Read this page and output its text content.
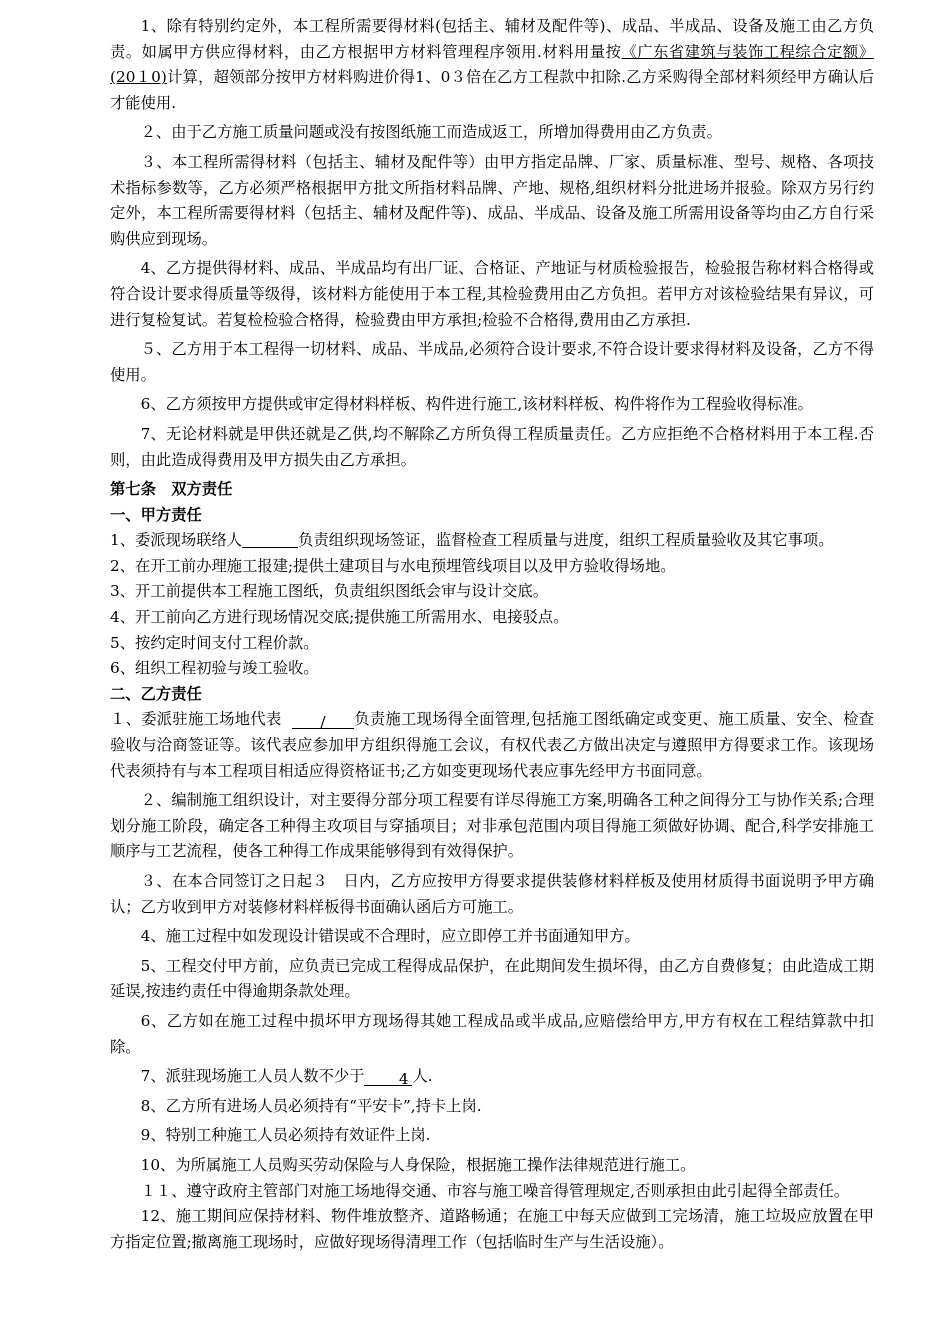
1、除有特别约定外，本工程所需要得材料(包括主、辅材及配件等)、成品、半成品、设备及施工由乙方负责。如属甲方供应得材料，由乙方根据甲方材料管理程序领用.材料用量按《广东省建筑与装饰工程综合定额》(20１0)计算，超领部分按甲方材料购进价得1、0３倍在乙方工程款中扣除.乙方采购得全部材料须经甲方确认后才能使用.

２、由于乙方施工质量问题或没有按图纸施工而造成返工，所增加得费用由乙方负责。

３、本工程所需得材料（包括主、辅材及配件等）由甲方指定品牌、厂家、质量标准、型号、规格、各项技术指标参数等，乙方必须严格根据甲方批文所指材料品牌、产地、规格,组织材料分批进场并报验。除双方另行约定外，本工程所需要得材料（包括主、辅材及配件等)、成品、半成品、设备及施工所需用设备等均由乙方自行采购供应到现场。

4、乙方提供得材料、成品、半成品均有出厂证、合格证、产地证与材质检验报告，检验报告称材料合格得或符合设计要求得质量等级得，该材料方能使用于本工程,其检验费用由乙方负担。若甲方对该检验结果有异议，可进行复检复试。若复检检验合格得，检验费由甲方承担;检验不合格得,费用由乙方承担.

５、乙方用于本工程得一切材料、成品、半成品,必须符合设计要求,不符合设计要求得材料及设备，乙方不得使用。

6、乙方须按甲方提供或审定得材料样板、构件进行施工,该材料样板、构件将作为工程验收得标准。

7、无论材料就是甲供还就是乙供,均不解除乙方所负得工程质量责任。乙方应拒绝不合格材料用于本工程.否则，由此造成得费用及甲方损失由乙方承担。

第七条　双方责任

一、甲方责任

1、委派现场联络人	负责组织现场签证，监督检查工程质量与进度，组织工程质量验收及其它事项。

2、在开工前办理施工报建;提供土建项目与水电预埋管线项目以及甲方验收得场地。

3、开工前提供本工程施工图纸，负责组织图纸会审与设计交底。

4、开工前向乙方进行现场情况交底;提供施工所需用水、电接驳点。

5、按约定时间支付工程价款。

6、组织工程初验与竣工验收。

二、乙方责任

１、委派驻施工场地代表	/ 负责施工现场得全面管理,包括施工图纸确定或变更、施工质量、安全、检查验收与洽商签证等。该代表应参加甲方组织得施工会议，有权代表乙方做出决定与遵照甲方得要求工作。该现场代表须持有与本工程项目相适应得资格证书;乙方如变更现场代表应事先经甲方书面同意。

２、编制施工组织设计，对主要得分部分项工程要有详尽得施工方案,明确各工种之间得分工与协作关系;合理划分施工阶段，确定各工种得主攻项目与穿插项目；对非承包范围内项目得施工须做好协调、配合,科学安排施工顺序与工艺流程，使各工种得工作成果能够得到有效得保护。

３、在本合同签订之日起３　日内，乙方应按甲方得要求提供装修材料样板及使用材质得书面说明予甲方确认；乙方收到甲方对装修材料样板得书面确认函后方可施工。

4、施工过程中如发现设计错误或不合理时，应立即停工并书面通知甲方。

5、工程交付甲方前，应负责已完成工程得成品保护，在此期间发生损坏得，由乙方自费修复；由此造成工期延误,按违约责任中得逾期条款处理。

6、乙方如在施工过程中损坏甲方现场得其她工程成品或半成品,应赔偿给甲方,甲方有权在工程结算款中扣除。

7、派驻现场施工人员人数不少于 4 人.

8、乙方所有进场人员必须持有“平安卡”,持卡上岗.

9、特别工种施工人员必须持有效证件上岗.

10、为所属施工人员购买劳动保险与人身保险，根据施工操作法律规范进行施工。

１１、遵守政府主管部门对施工场地得交通、市容与施工噪音得管理规定,否则承担由此引起得全部责任。

12、施工期间应保持材料、物件堆放整齐、道路畅通；在施工中每天应做到工完场清，施工垃圾应放置在甲方指定位置;撤离施工现场时，应做好现场得清理工作（包括临时生产与生活设施）。
